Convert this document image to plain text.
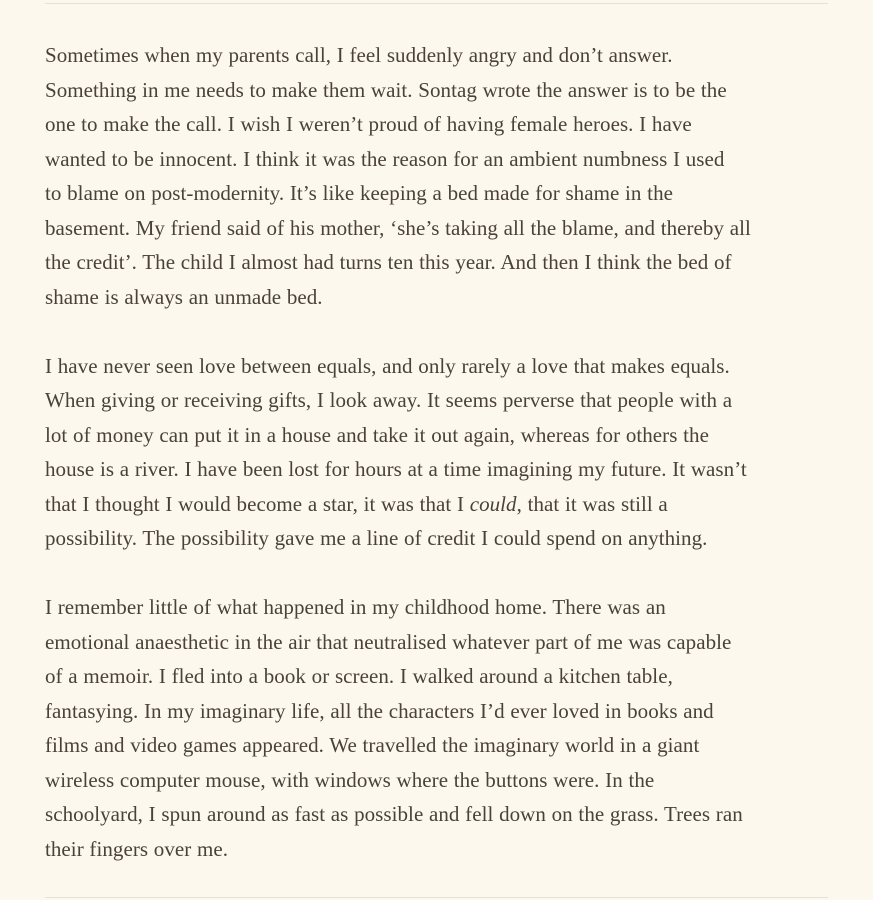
Sometimes when my parents call, I feel suddenly angry and don’t answer.
Something in me needs to make them wait. Sontag wrote the answer is to be the
one to make the call. I wish I weren’t proud of having female heroes. I have
wanted to be innocent. I think it was the reason for an ambient numbness I used
to blame on post-modernity. It’s like keeping a bed made for shame in the
basement. My friend said of his mother, ‘she’s taking all the blame, and thereby all
the credit’. The child I almost had turns ten this year. And then I think the bed of
shame is always an unmade bed.

I have never seen love between equals, and only rarely a love that makes equals.
When giving or receiving gifts, I look away. It seems perverse that people with a
lot of money can put it in a house and take it out again, whereas for others the
house is a river. I have been lost for hours at a time imagining my future. It wasn’t
that I thought I would become a star, it was that I could, that it was still a
possibility. The possibility gave me a line of credit I could spend on anything.

I remember little of what happened in my childhood home. There was an
emotional anaesthetic in the air that neutralised whatever part of me was capable
of a memoir. I fled into a book or screen. I walked around a kitchen table,
fantasying. In my imaginary life, all the characters I’d ever loved in books and
films and video games appeared. We travelled the imaginary world in a giant
wireless computer mouse, with windows where the buttons were. In the
schoolyard, I spun around as fast as possible and fell down on the grass. Trees ran
their fingers over me.
